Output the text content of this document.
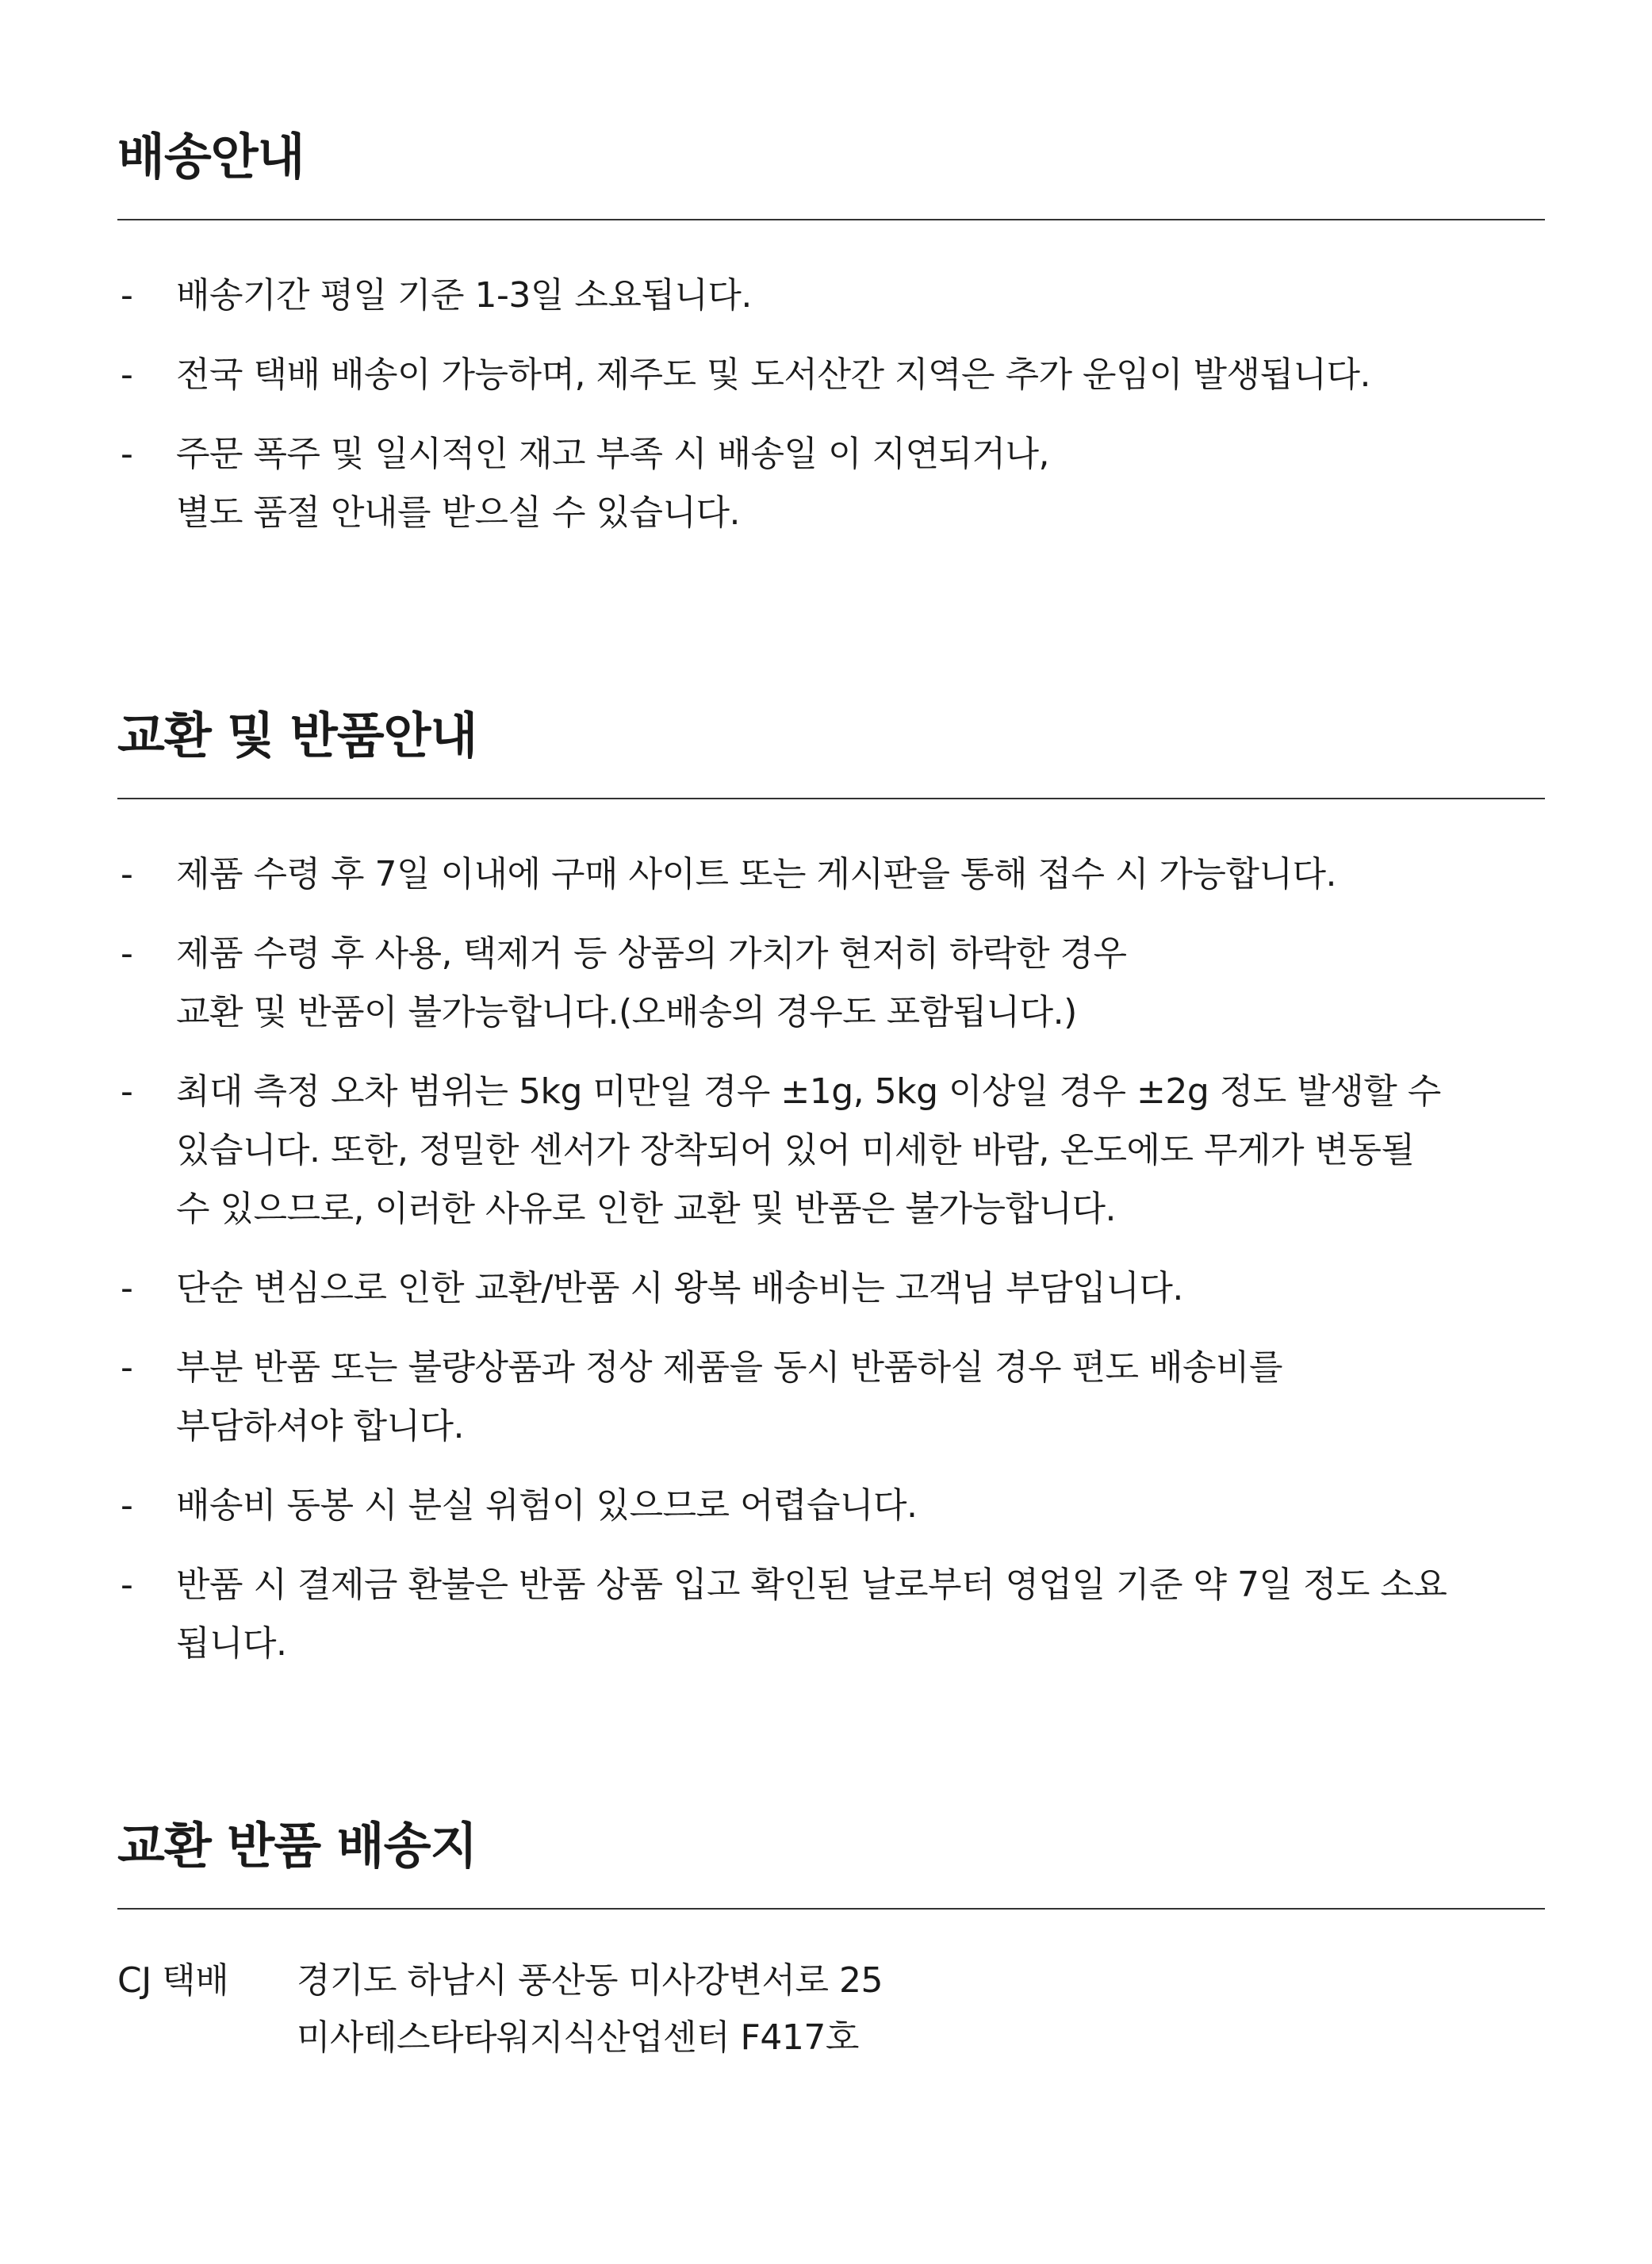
배송안내
- 배송기간 평일 기준 1-3일 소요됩니다.
- 전국 택배 배송이 가능하며, 제주도 및 도서산간 지역은 추가 운임이 발생됩니다.
- 주문 폭주 및 일시적인 재고 부족 시 배송일 이 지연되거나,
별도 품절 안내를 받으실 수 있습니다.
교환 및 반품안내
- 제품 수령 후 7일 이내에 구매 사이트 또는 게시판을 통해 접수 시 가능합니다.
- 제품 수령 후 사용, 택제거 등 상품의 가치가 현저히 하락한 경우
교환 및 반품이 불가능합니다.(오배송의 경우도 포함됩니다.)
- 최대 측정 오차 범위는 5kg 미만일 경우 ±1g, 5kg 이상일 경우 ±2g 정도 발생할 수
있습니다. 또한, 정밀한 센서가 장착되어 있어 미세한 바람, 온도에도 무게가 변동될
수 있으므로, 이러한 사유로 인한 교환 및 반품은 불가능합니다.
- 단순 변심으로 인한 교환/반품 시 왕복 배송비는 고객님 부담입니다.
- 부분 반품 또는 불량상품과 정상 제품을 동시 반품하실 경우 편도 배송비를
부담하셔야 합니다.
- 배송비 동봉 시 분실 위험이 있으므로 어렵습니다.
- 반품 시 결제금 환불은 반품 상품 입고 확인된 날로부터 영업일 기준 약 7일 정도 소요
됩니다.
교환 반품 배송지
CJ 택배 경기도 하남시 풍산동 미사강변서로 25
미사테스타타워지식산업센터 F417호
